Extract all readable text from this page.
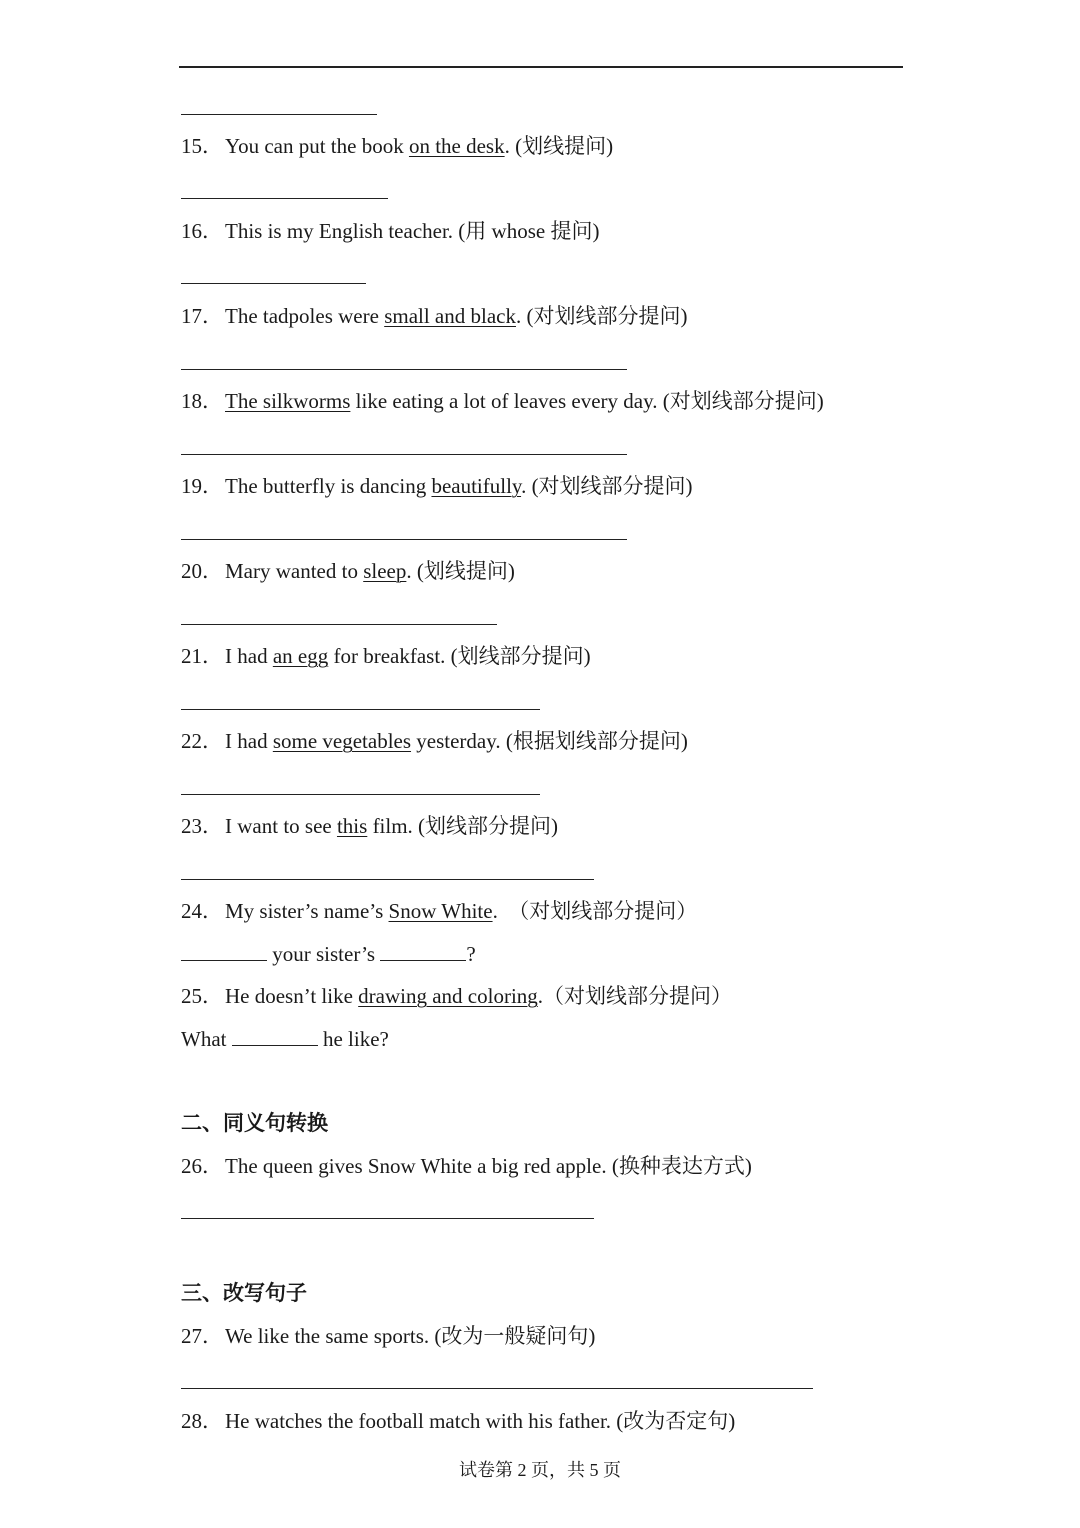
15．You can put the book on the desk. (划线提问)
16．This is my English teacher. (用 whose 提问)
17．The tadpoles were small and black. (对划线部分提问)
18．The silkworms like eating a lot of leaves every day. (对划线部分提问)
19．The butterfly is dancing beautifully. (对划线部分提问)
20．Mary wanted to sleep. (划线提问)
21．I had an egg for breakfast. (划线部分提问)
22．I had some vegetables yesterday. (根据划线部分提问)
23．I want to see this film. (划线部分提问)
24．My sister’s name’s Snow White.　（对划线部分提问）
your sister’s	?
25．He doesn’t like drawing and coloring.（对划线部分提问）
What	he like?
二、同义句转换
26．The queen gives Snow White a big red apple. (换种表达方式)
三、改写句子
27．We like the same sports. (改为一般疑问句)
28．He watches the football match with his father. (改为否定句)
试卷第 2 页，共 5 页
